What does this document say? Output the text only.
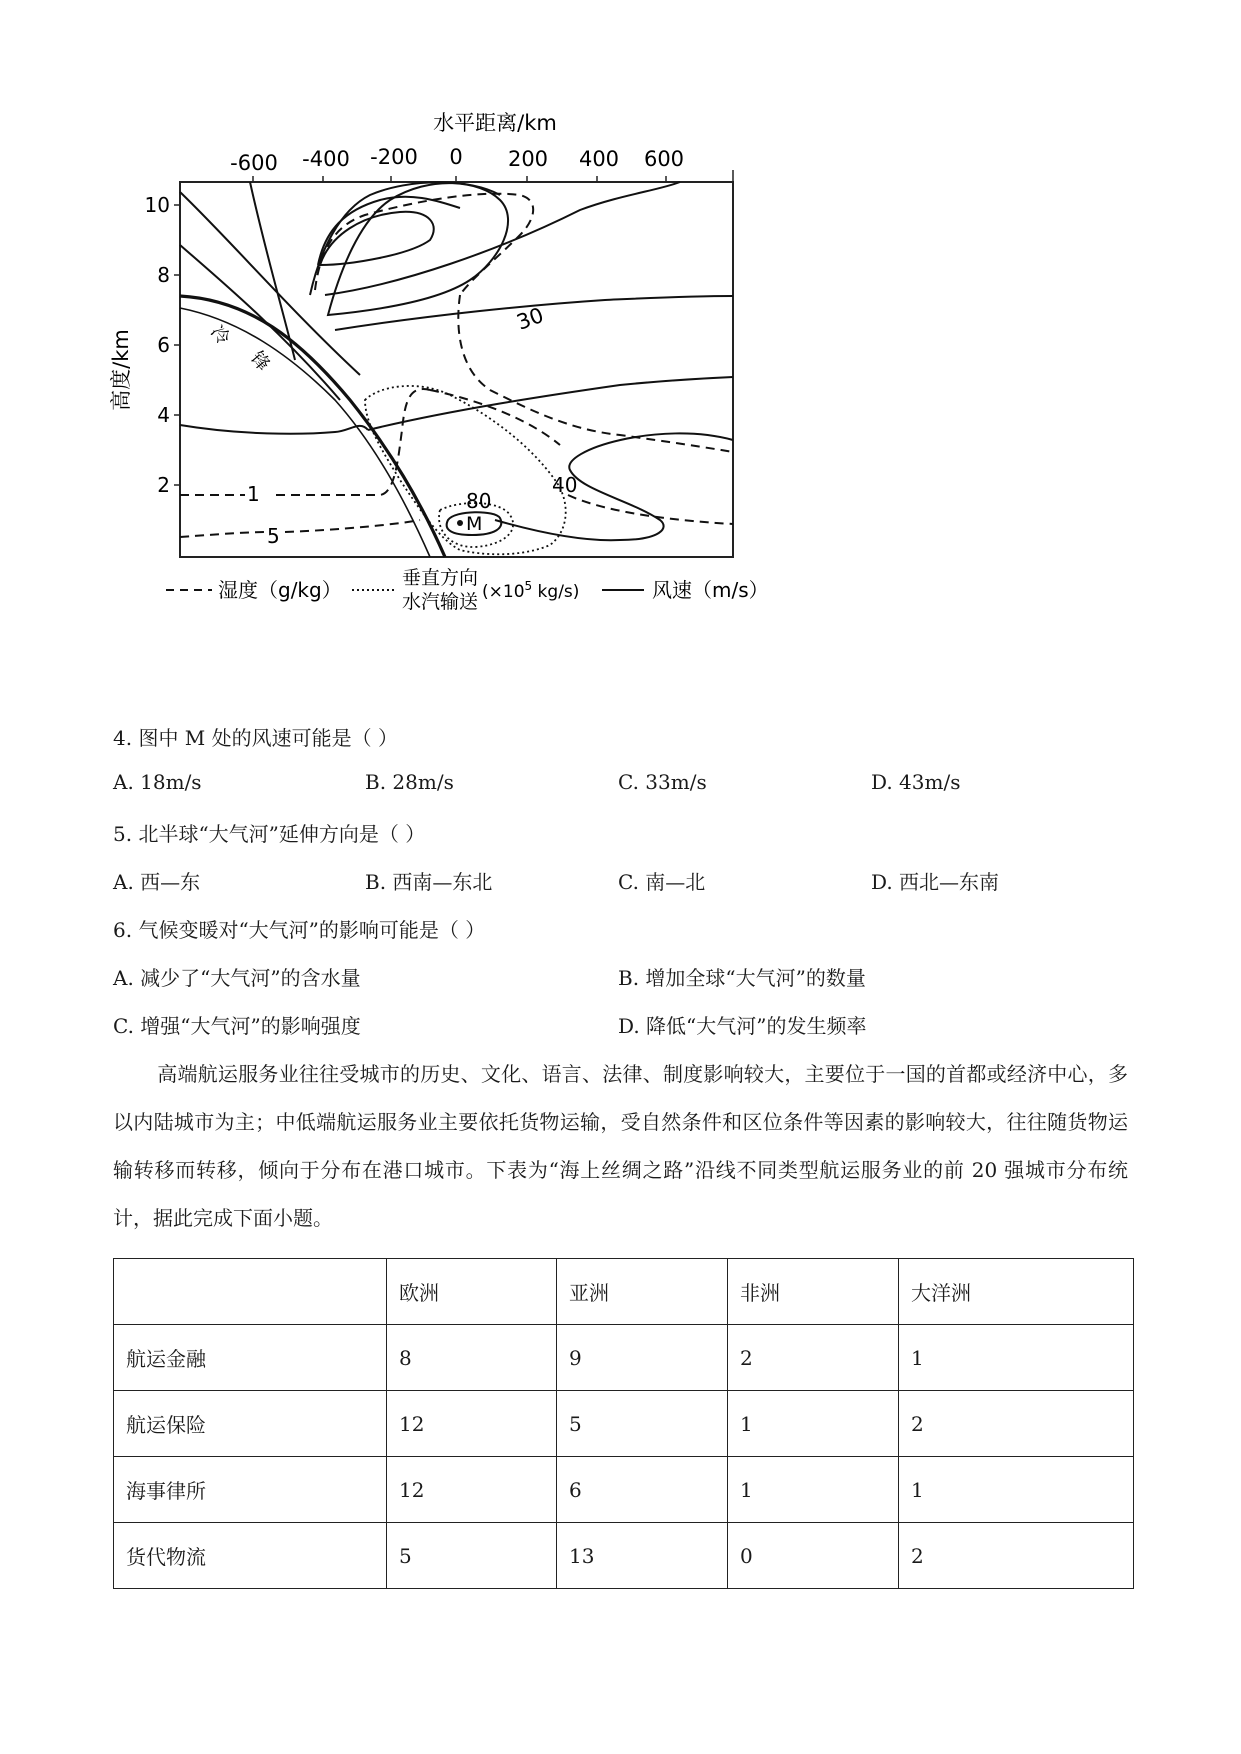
水平距离/km
-600 -400 -200 0 200 400 600
高度/km
10
8
6
4
2
冷
锋
30
1
5
40
80
M
湿度（g/kg）	垂直方向
水汽输送 ($\times 10^5$ kg/s)	风速（m/s）
4. 图中 M 处的风速可能是（ ）
A. 18m/s	B. 28m/s	C. 33m/s	D. 43m/s
5. 北半球“大气河”延伸方向是（ ）
A. 西—东	B. 西南—东北	C. 南—北	D. 西北—东南
6. 气候变暖对“大气河”的影响可能是（ ）
A. 减少了“大气河”的含水量	B. 增加全球“大气河”的数量
C. 增强“大气河”的影响强度	D. 降低“大气河”的发生频率
高端航运服务业往往受城市的历史、文化、语言、法律、制度影响较大，主要位于一国的首都或经济中心，多以内陆城市为主；中低端航运服务业主要依托货物运输，受自然条件和区位条件等因素的影响较大，往往随货物运输转移而转移，倾向于分布在港口城市。下表为“海上丝绸之路”沿线不同类型航运服务业的前 20 强城市分布统计，据此完成下面小题。
	欧洲	亚洲	非洲	大洋洲
航运金融	8	9	2	1
航运保险	12	5	1	2
海事律所	12	6	1	1
货代物流	5	13	0	2
